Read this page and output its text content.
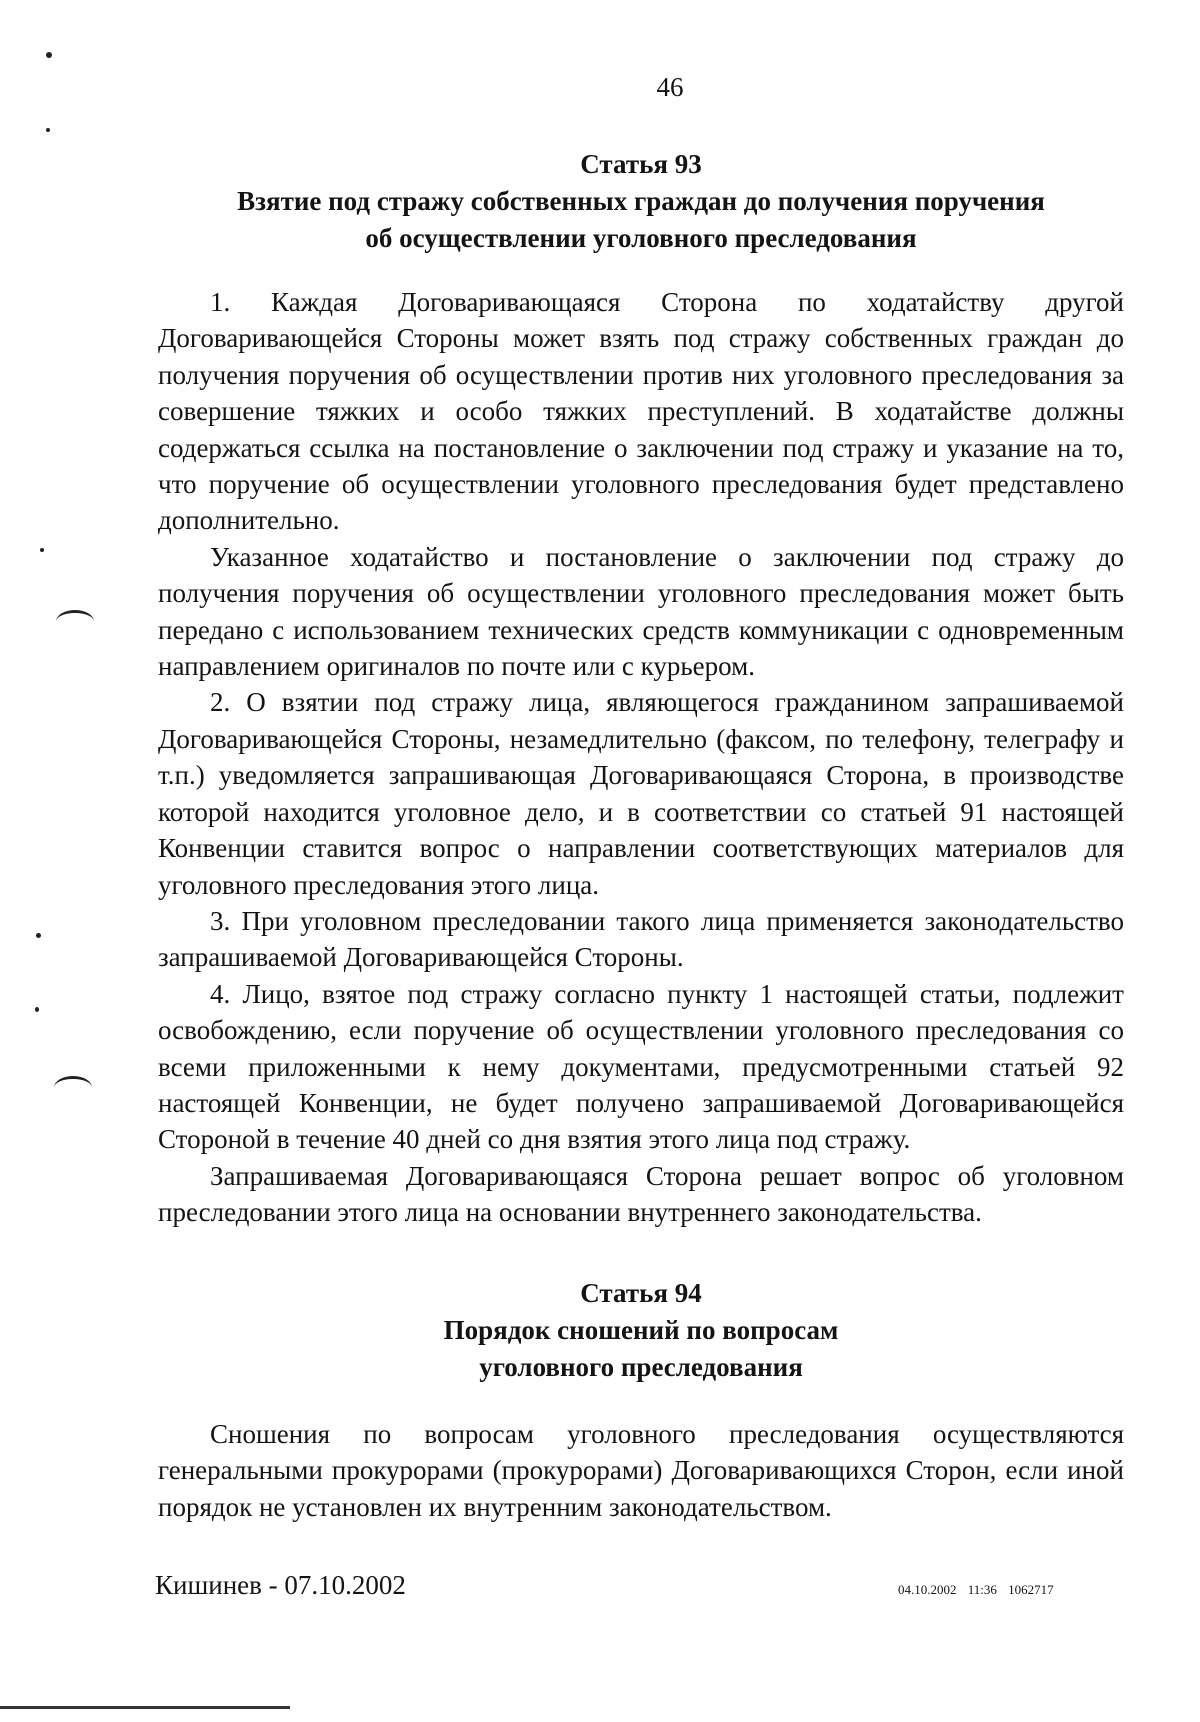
46
Статья 93
Взятие под стражу собственных граждан до получения поручения
об осуществлении уголовного преследования

1. Каждая Договаривающаяся Сторона по ходатайству другой Договаривающейся Стороны может взять под стражу собственных граждан до получения поручения об осуществлении против них уголовного преследования за совершение тяжких и особо тяжких преступлений. В ходатайстве должны содержаться ссылка на постановление о заключении под стражу и указание на то, что поручение об осуществлении уголовного преследования будет представлено дополнительно.

Указанное ходатайство и постановление о заключении под стражу до получения поручения об осуществлении уголовного преследования может быть передано с использованием технических средств коммуникации с одновременным направлением оригиналов по почте или с курьером.

2. О взятии под стражу лица, являющегося гражданином запрашиваемой Договаривающейся Стороны, незамедлительно (факсом, по телефону, телеграфу и т.п.) уведомляется запрашивающая Договаривающаяся Сторона, в производстве которой находится уголовное дело, и в соответствии со статьей 91 настоящей Конвенции ставится вопрос о направлении соответствующих материалов для уголовного преследования этого лица.

3. При уголовном преследовании такого лица применяется законодательство запрашиваемой Договаривающейся Стороны.

4. Лицо, взятое под стражу согласно пункту 1 настоящей статьи, подлежит освобождению, если поручение об осуществлении уголовного преследования со всеми приложенными к нему документами, предусмотренными статьей 92 настоящей Конвенции, не будет получено запрашиваемой Договаривающейся Стороной в течение 40 дней со дня взятия этого лица под стражу.

Запрашиваемая Договаривающаяся Сторона решает вопрос об уголовном преследовании этого лица на основании внутреннего законодательства.

Статья 94
Порядок сношений по вопросам
уголовного преследования

Сношения по вопросам уголовного преследования осуществляются генеральными прокурорами (прокурорами) Договаривающихся Сторон, если иной порядок не установлен их внутренним законодательством.

Кишинев - 07.10.2002	04.10.2002 11:36 1062717
